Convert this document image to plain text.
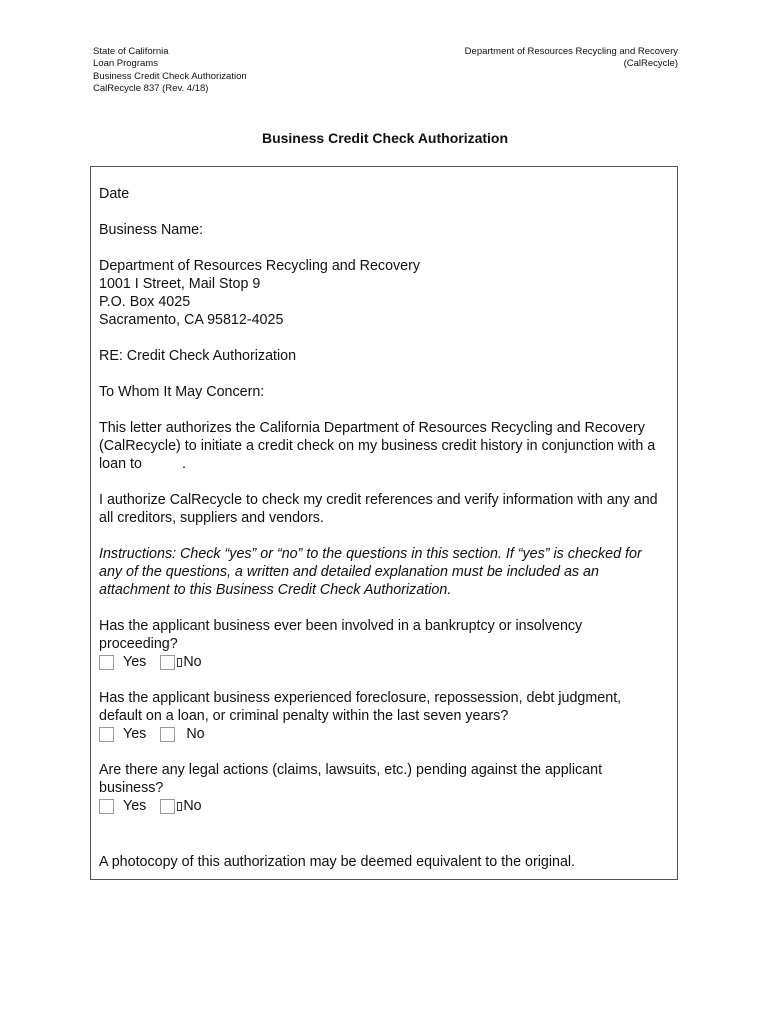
State of California
Loan Programs
Business Credit Check Authorization
CalRecycle 837 (Rev. 4/18)
Department of Resources Recycling and Recovery
(CalRecycle)
Business Credit Check Authorization

Date

Business Name:

Department of Resources Recycling and Recovery
1001 I Street, Mail Stop 9
P.O. Box 4025
Sacramento, CA 95812-4025

RE: Credit Check Authorization

To Whom It May Concern:

This letter authorizes the California Department of Resources Recycling and Recovery (CalRecycle) to initiate a credit check on my business credit history in conjunction with a loan to	.

I authorize CalRecycle to check my credit references and verify information with any and all creditors, suppliers and vendors.

Instructions: Check “yes” or “no” to the questions in this section. If “yes” is checked for any of the questions, a written and detailed explanation must be included as an attachment to this Business Credit Check Authorization.

Has the applicant business ever been involved in a bankruptcy or insolvency proceeding?

Yes	No

Has the applicant business experienced foreclosure, repossession, debt judgment, default on a loan, or criminal penalty within the last seven years?

Yes	No

Are there any legal actions (claims, lawsuits, etc.) pending against the applicant business?

Yes	No

A photocopy of this authorization may be deemed equivalent to the original.
